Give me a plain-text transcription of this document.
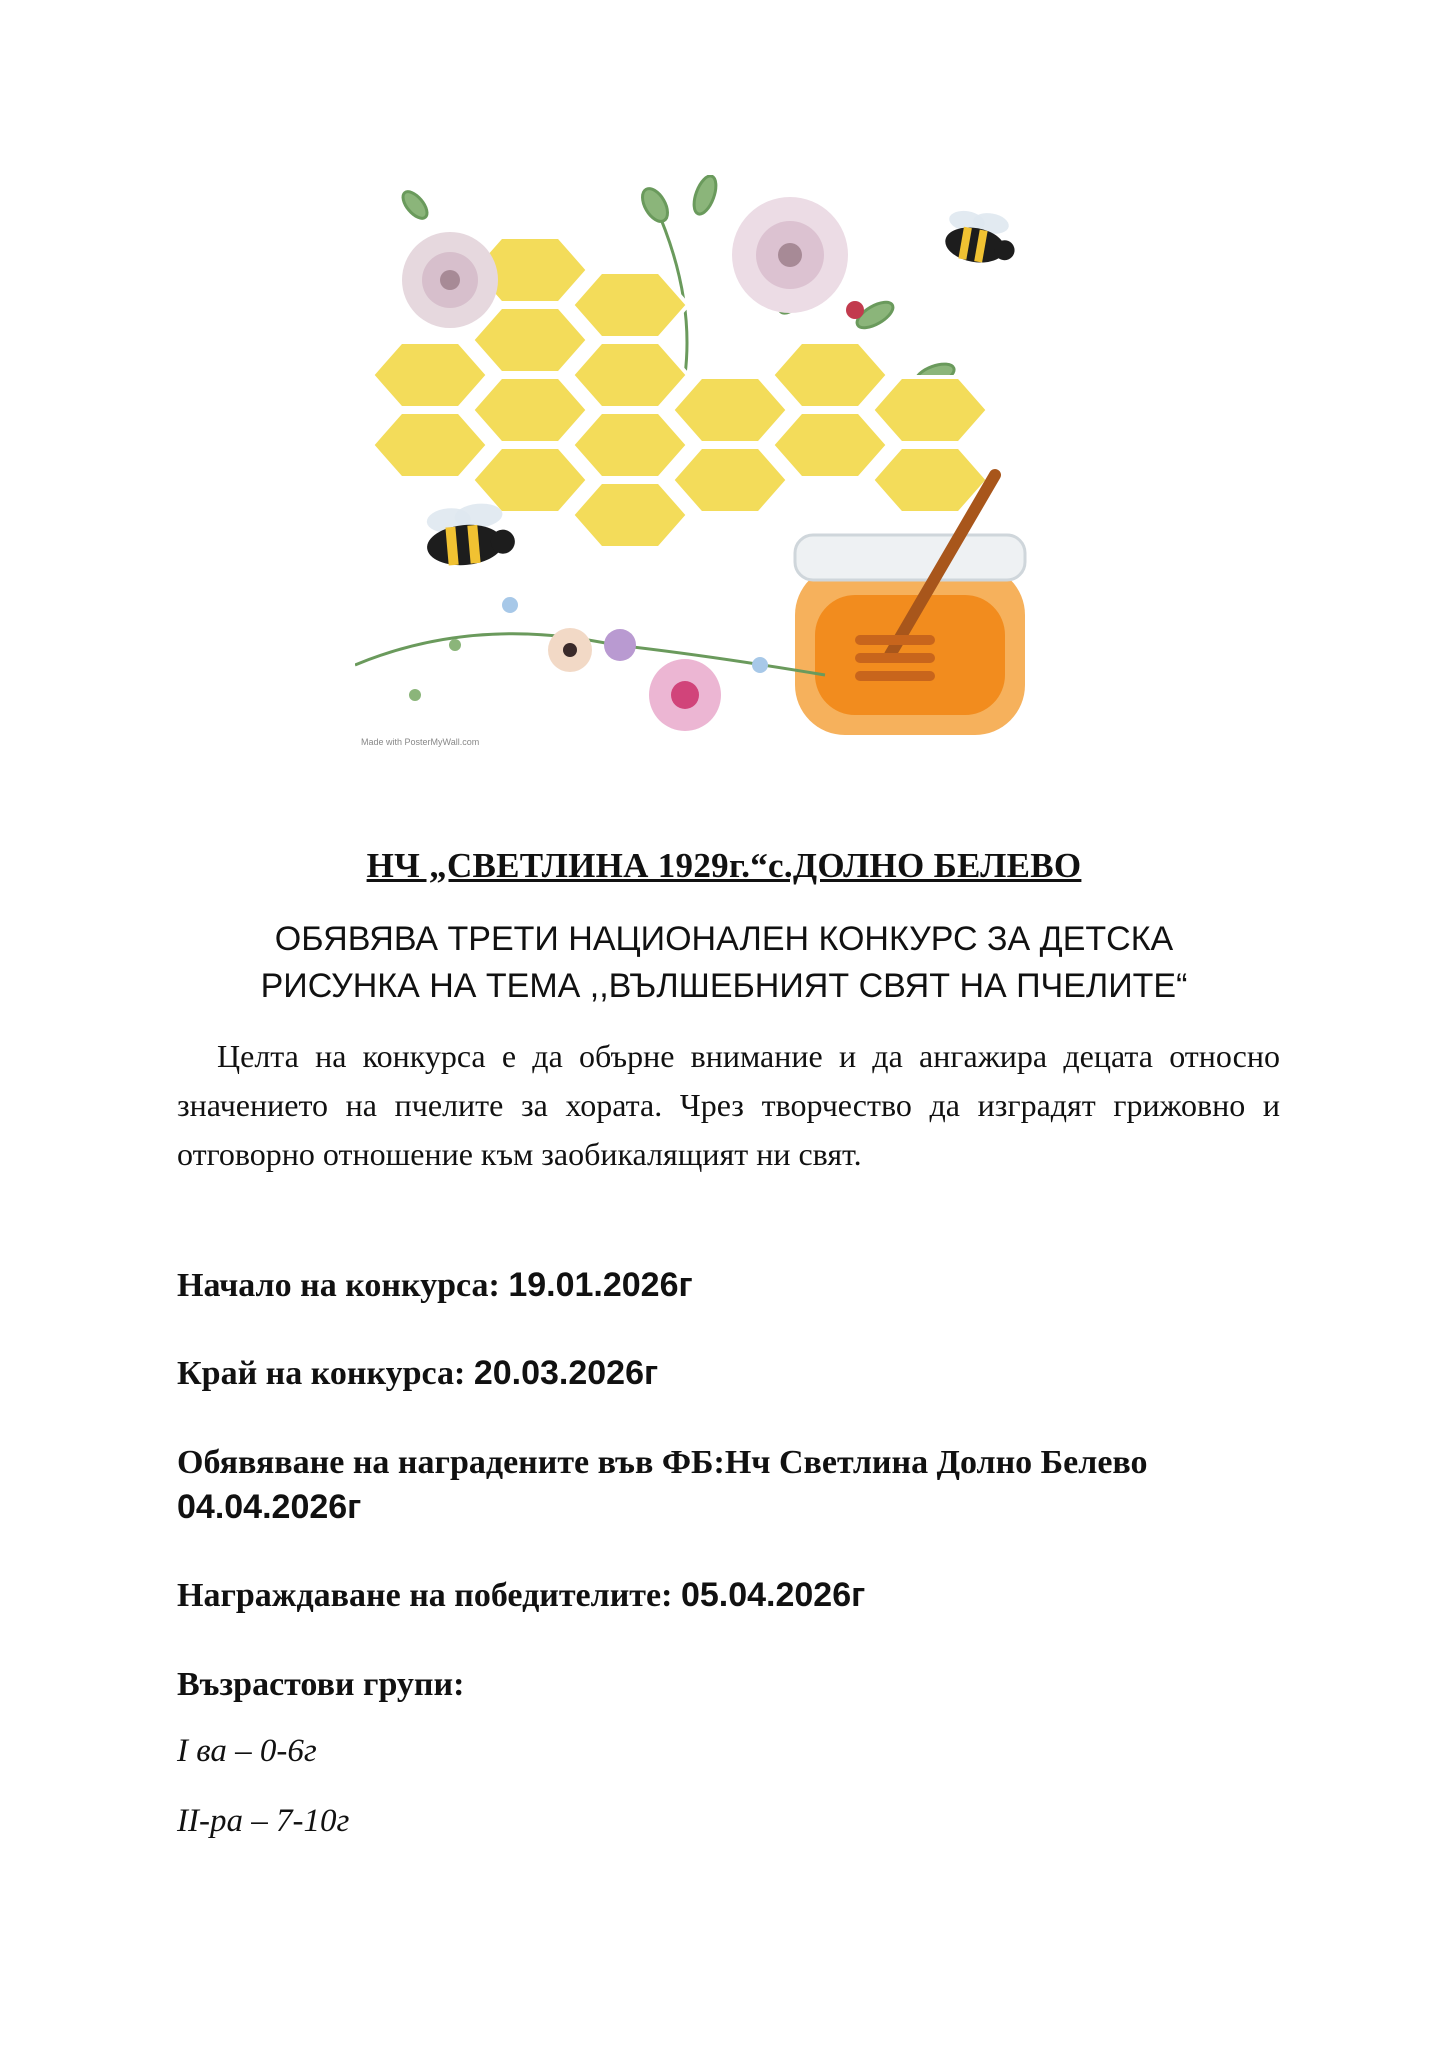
Made with PosterMyWall.com
НЧ „СВЕТЛИНА 1929г.“с.ДОЛНО БЕЛЕВО
ОБЯВЯВА ТРЕТИ НАЦИОНАЛЕН КОНКУРС ЗА ДЕТСКА
РИСУНКА НА ТЕМА ,,ВЪЛШЕБНИЯТ СВЯТ НА ПЧЕЛИТЕ“
Целта на конкурса е да обърне внимание и да ангажира децата относно значението на пчелите за хората. Чрез творчество да изградят грижовно и отговорно отношение към заобикалящият ни свят.
Начало на конкурса: 19.01.2026г
Край на конкурса: 20.03.2026г
Обявяване на наградените във ФБ:Нч Светлина Долно Белево 04.04.2026г
Награждаване на победителите: 05.04.2026г
Възрастови групи:
I ва – 0-6г
II-ра – 7-10г
